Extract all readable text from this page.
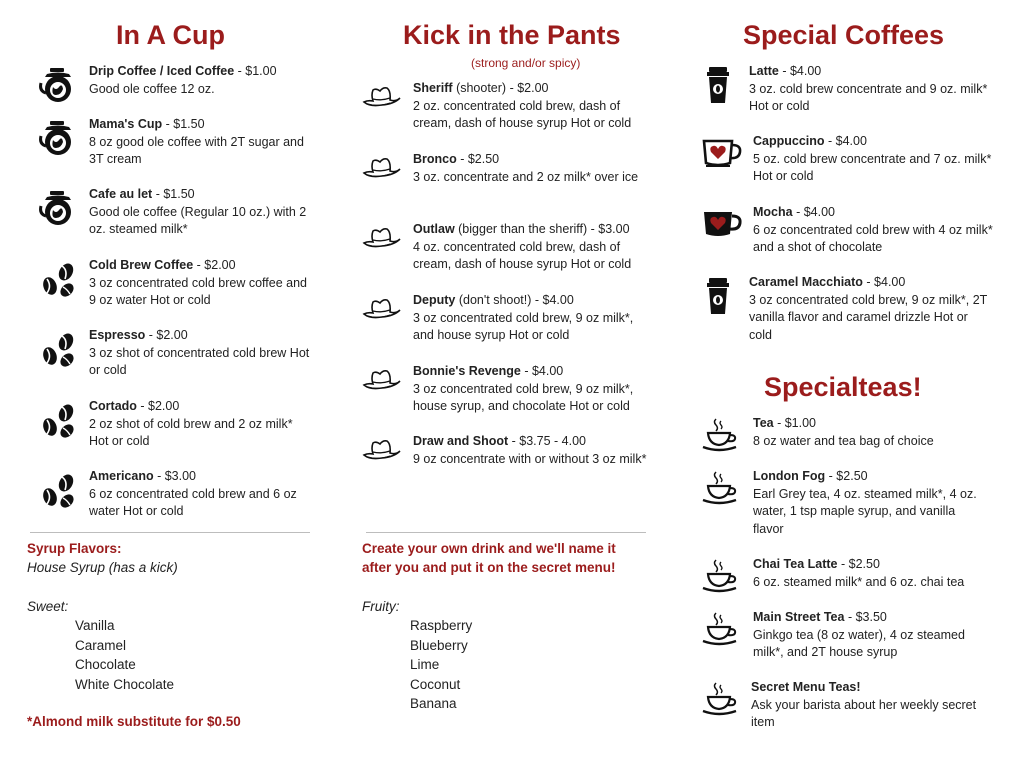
In A Cup
Drip Coffee / Iced Coffee - $1.00
Good ole coffee 12 oz.
Mama's Cup - $1.50
8 oz good ole coffee with 2T sugar and 3T cream
Cafe au let - $1.50
Good ole coffee (Regular 10 oz.) with 2 oz. steamed milk*
Cold Brew Coffee - $2.00
3 oz concentrated cold brew coffee and 9 oz water Hot or cold
Espresso - $2.00
3 oz shot of concentrated cold brew Hot or cold
Cortado - $2.00
2 oz shot of cold brew and 2 oz milk* Hot or cold
Americano - $3.00
6 oz concentrated cold brew and 6 oz water Hot or cold
Syrup Flavors:
House Syrup (has a kick)
Sweet:
Vanilla
Caramel
Chocolate
White Chocolate
*Almond milk substitute for $0.50
Kick in the Pants
(strong and/or spicy)
Sheriff (shooter) - $2.00
2 oz. concentrated cold brew, dash of cream, dash of house syrup Hot or cold
Bronco - $2.50
3 oz. concentrate and 2 oz milk* over ice
Outlaw (bigger than the sheriff) - $3.00
4 oz. concentrated cold brew, dash of cream, dash of house syrup Hot or cold
Deputy (don't shoot!) - $4.00
3 oz concentrated cold brew, 9 oz milk*, and house syrup Hot or cold
Bonnie's Revenge - $4.00
3 oz concentrated cold brew, 9 oz milk*, house syrup, and chocolate Hot or cold
Draw and Shoot - $3.75 - 4.00
9 oz concentrate with or without 3 oz milk*
Create your own drink and we'll name it
after you and put it on the secret menu!
Fruity:
Raspberry
Blueberry
Lime
Coconut
Banana
Special Coffees
Latte - $4.00
3 oz. cold brew concentrate and 9 oz. milk* Hot or cold
Cappuccino - $4.00
5 oz. cold brew concentrate and 7 oz. milk* Hot or cold
Mocha - $4.00
6 oz concentrated cold brew with 4 oz milk* and a shot of chocolate
Caramel Macchiato - $4.00
3 oz concentrated cold brew, 9 oz milk*, 2T vanilla flavor and caramel drizzle Hot or cold
Specialteas!
Tea - $1.00
8 oz water and tea bag of choice
London Fog - $2.50
Earl Grey tea, 4 oz. steamed milk*, 4 oz. water, 1 tsp maple syrup, and vanilla flavor
Chai Tea Latte - $2.50
6 oz. steamed milk* and 6 oz. chai tea
Main Street Tea - $3.50
Ginkgo tea (8 oz water), 4 oz steamed milk*, and 2T house syrup
Secret Menu Teas!
Ask your barista about her weekly secret item
